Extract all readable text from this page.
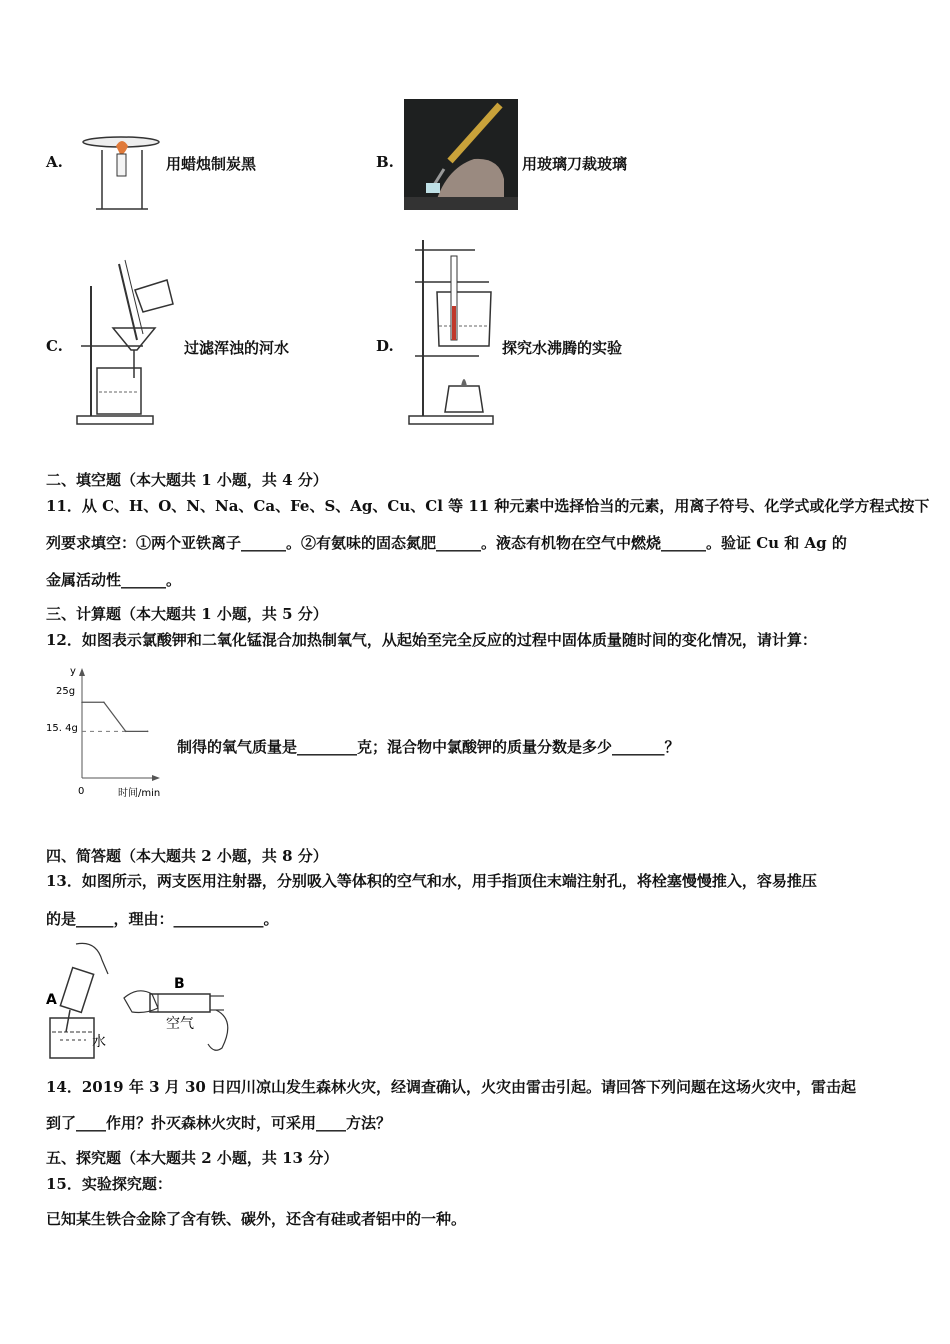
A.	用蜡烛制炭黑	B.	用玻璃刀裁玻璃
C.	过滤浑浊的河水	D.	探究水沸腾的实验
二、填空题（本大题共 1 小题，共 4 分）
11．从 C、H、O、N、Na、Ca、Fe、S、Ag、Cu、Cl 等 11 种元素中选择恰当的元素，用离子符号、化学式或化学方程式按下
列要求填空：①两个亚铁离子______。②有氨味的固态氮肥______。液态有机物在空气中燃烧______。验证 Cu 和 Ag 的
金属活动性______。
三、计算题（本大题共 1 小题，共 5 分）
12．如图表示氯酸钾和二氧化锰混合加热制氧气，从起始至完全反应的过程中固体质量随时间的变化情况，请计算：
y
0	时间/min
25g
15. 4g
制得的氧气质量是________克；混合物中氯酸钾的质量分数是多少_______？
四、简答题（本大题共 2 小题，共 8 分）
13．如图所示，两支医用注射器，分别吸入等体积的空气和水，用手指顶住末端注射孔，将栓塞慢慢推入，容易推压
的是_____，理由：____________。
A
水
B
空气
14．2019 年 3 月 30 日四川凉山发生森林火灾，经调查确认，火灾由雷击引起。请回答下列问题在这场火灾中，雷击起
到了____作用？扑灭森林火灾时，可采用____方法？
五、探究题（本大题共 2 小题，共 13 分）
15．实验探究题：
已知某生铁合金除了含有铁、碳外，还含有硅或者铝中的一种。
